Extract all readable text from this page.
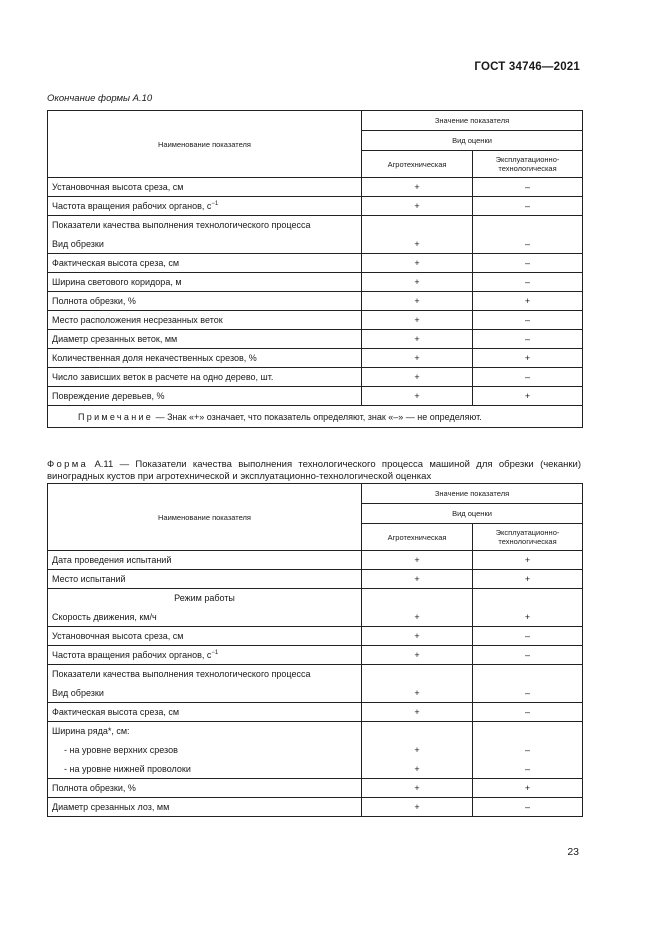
ГОСТ 34746—2021
Окончание формы А.10
Наименование показателя	Значение показателя	
	Вид оценки	
	Агротехническая	Эксплуатационно-
технологическая
Установочная высота среза, см	+	–
Частота вращения рабочих органов, $с^{-1}$	+	–
Показатели качества выполнения технологического процесса		
Вид обрезки	+	–
Фактическая высота среза, см	+	–
Ширина светового коридора, м	+	–
Полнота обрезки, %	+	+
Место расположения несрезанных веток	+	–
Диаметр срезанных веток, мм	+	–
Количественная доля некачественных срезов, %	+	+
Число зависших веток в расчете на одно дерево, шт.	+	–
Повреждение деревьев, %	+	+
Примечание — Знак «+» означает, что показатель определяют, знак «–» — не определяют.		
Форма А.11 — Показатели качества выполнения технологического процесса машиной для обрезки (чеканки) виноградных кустов при агротехнической и эксплуатационно-технологической оценках
Наименование показателя	Значение показателя	
	Вид оценки	
	Агротехническая	Эксплуатационно-
технологическая
Дата проведения испытаний	+	+
Место испытаний	+	+
Режим работы		
Скорость движения, км/ч	+	+
Установочная высота среза, см	+	–
Частота вращения рабочих органов, $с^{-1}$	+	–
Показатели качества выполнения технологического процесса		
Вид обрезки	+	–
Фактическая высота среза, см	+	–
Ширина ряда*, см:		
- на уровне верхних срезов	+	–
- на уровне нижней проволоки	+	–
Полнота обрезки, %	+	+
Диаметр срезанных лоз, мм	+	–
23
